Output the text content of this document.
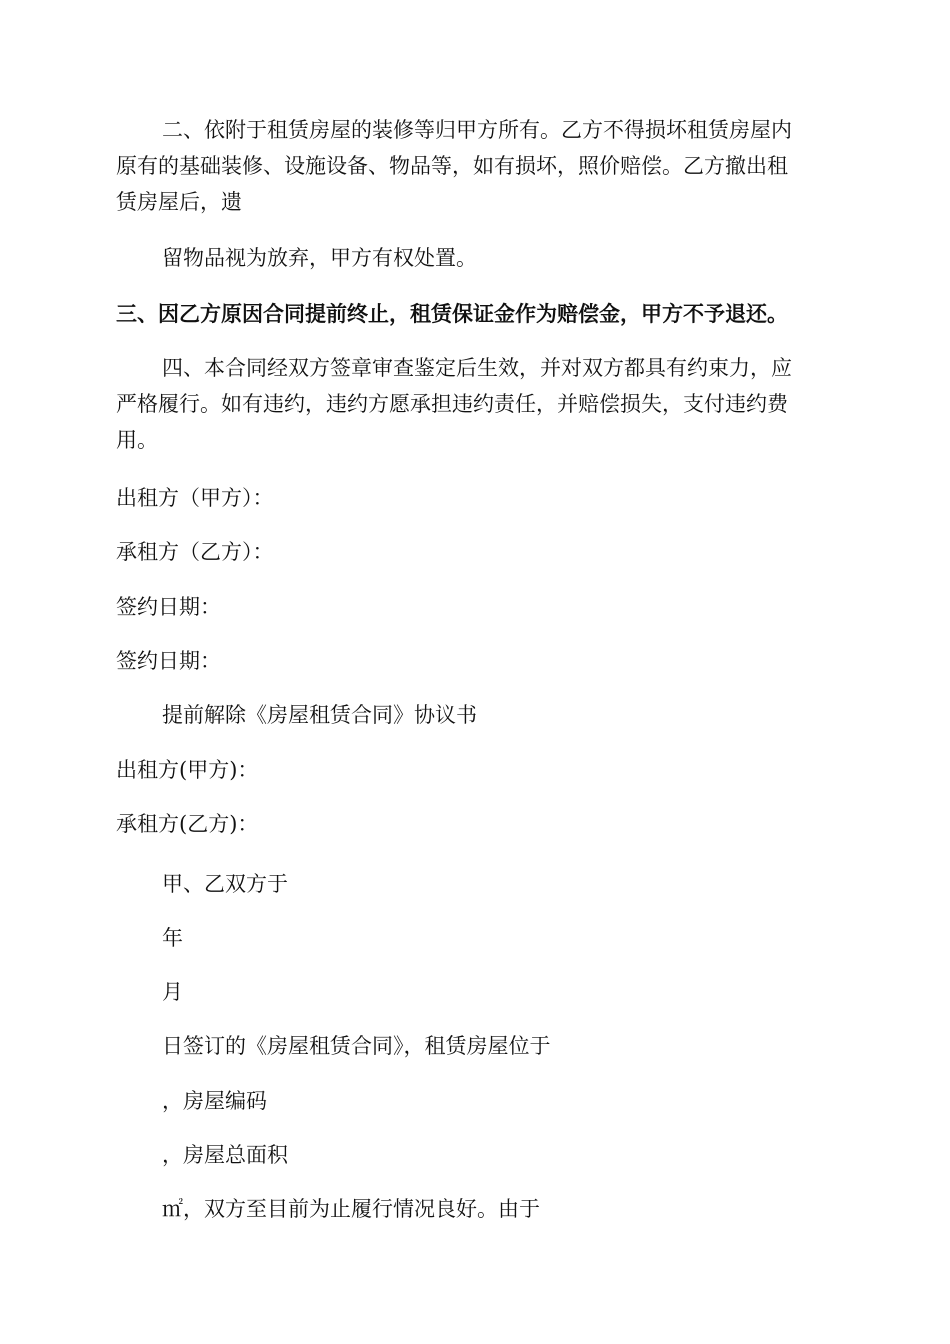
二、依附于租赁房屋的装修等归甲方所有。乙方不得损坏租赁房屋内
原有的基础装修、设施设备、物品等，如有损坏，照价赔偿。乙方撤出租
赁房屋后，遗

留物品视为放弃，甲方有权处置。

三、因乙方原因合同提前终止，租赁保证金作为赔偿金，甲方不予退还。

四、本合同经双方签章审查鉴定后生效，并对双方都具有约束力，应
严格履行。如有违约，违约方愿承担违约责任，并赔偿损失，支付违约费
用。

出租方（甲方）：

承租方（乙方）：

签约日期：

签约日期：

提前解除《房屋租赁合同》协议书

出租方(甲方)：

承租方(乙方)：

甲、乙双方于

年

月

日签订的《房屋租赁合同》，租赁房屋位于

，房屋编码

，房屋总面积

㎡，双方至目前为止履行情况良好。由于
